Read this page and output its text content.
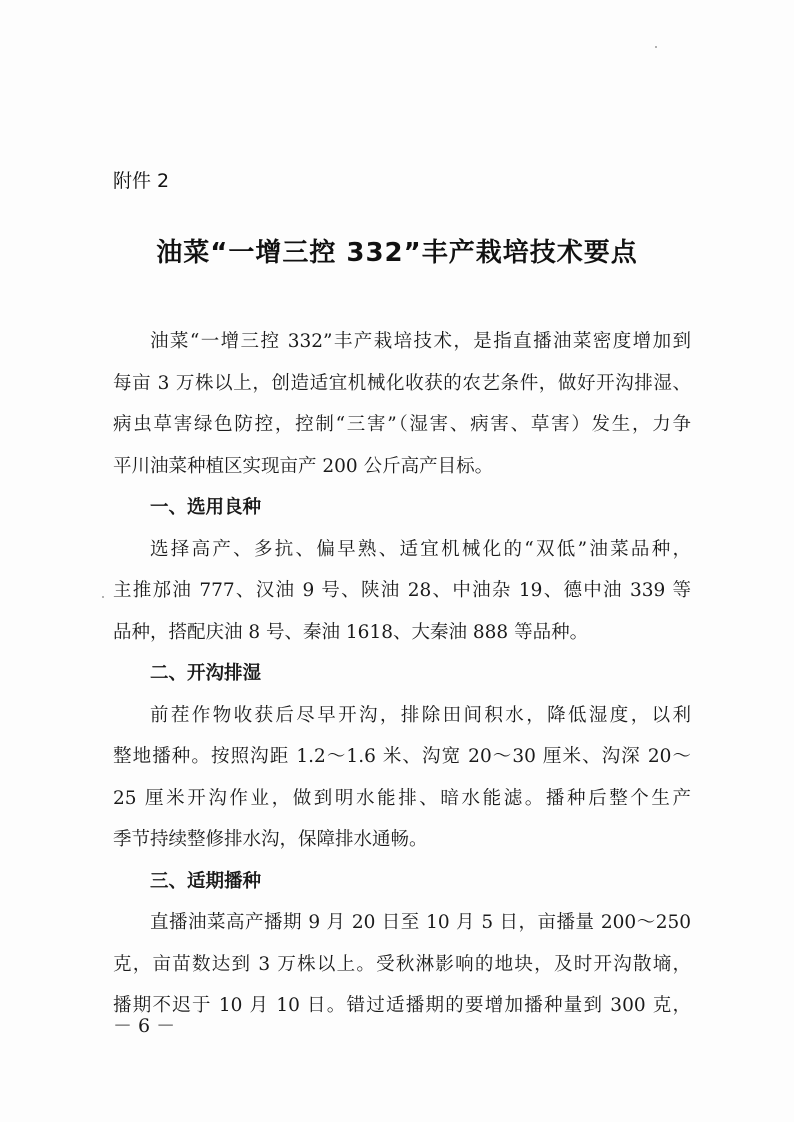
附件 2
油菜“一增三控 332”丰产栽培技术要点
油菜“一增三控 332”丰产栽培技术，是指直播油菜密度增加到
每亩 3 万株以上，创造适宜机械化收获的农艺条件，做好开沟排湿、
病虫草害绿色防控，控制“三害”（湿害、病害、草害）发生，力争
平川油菜种植区实现亩产 200 公斤高产目标。
一、选用良种
选择高产、多抗、偏早熟、适宜机械化的“双低”油菜品种，
主推邡油 777、汉油 9 号、陕油 28、中油杂 19、德中油 339 等
品种，搭配庆油 8 号、秦油 1618、大秦油 888 等品种。
二、开沟排湿
前茬作物收获后尽早开沟，排除田间积水，降低湿度，以利
整地播种。按照沟距 1.2～1.6 米、沟宽 20～30 厘米、沟深 20～
25 厘米开沟作业，做到明水能排、暗水能滤。播种后整个生产
季节持续整修排水沟，保障排水通畅。
三、适期播种
直播油菜高产播期 9 月 20 日至 10 月 5 日，亩播量 200～250
克，亩苗数达到 3 万株以上。受秋淋影响的地块，及时开沟散墒，
播期不迟于 10 月 10 日。错过适播期的要增加播种量到 300 克，
－ 6 －
